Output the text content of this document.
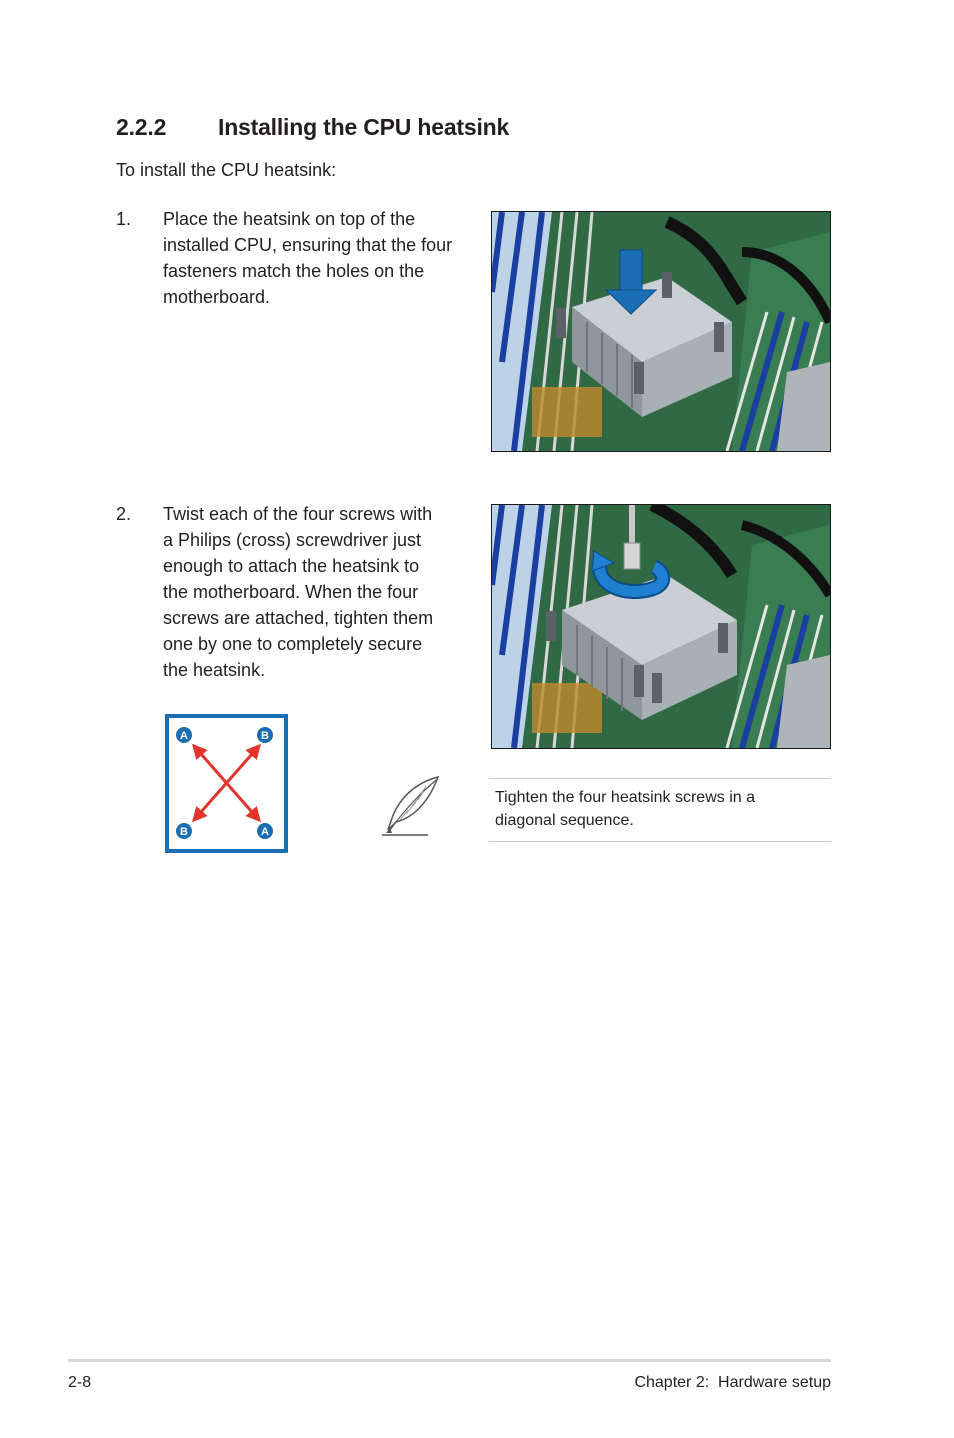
2.2.2 Installing the CPU heatsink
To install the CPU heatsink:
1. Place the heatsink on top of the
installed CPU, ensuring that the four
fasteners match the holes on the
motherboard.
2. Twist each of the four screws with
a Philips (cross) screwdriver just
enough to attach the heatsink to
the motherboard. When the four
screws are attached, tighten them
one by one to completely secure
the heatsink.
A	B
B	A
Tighten the four heatsink screws in a
diagonal sequence.
2-8	Chapter 2:  Hardware setup
